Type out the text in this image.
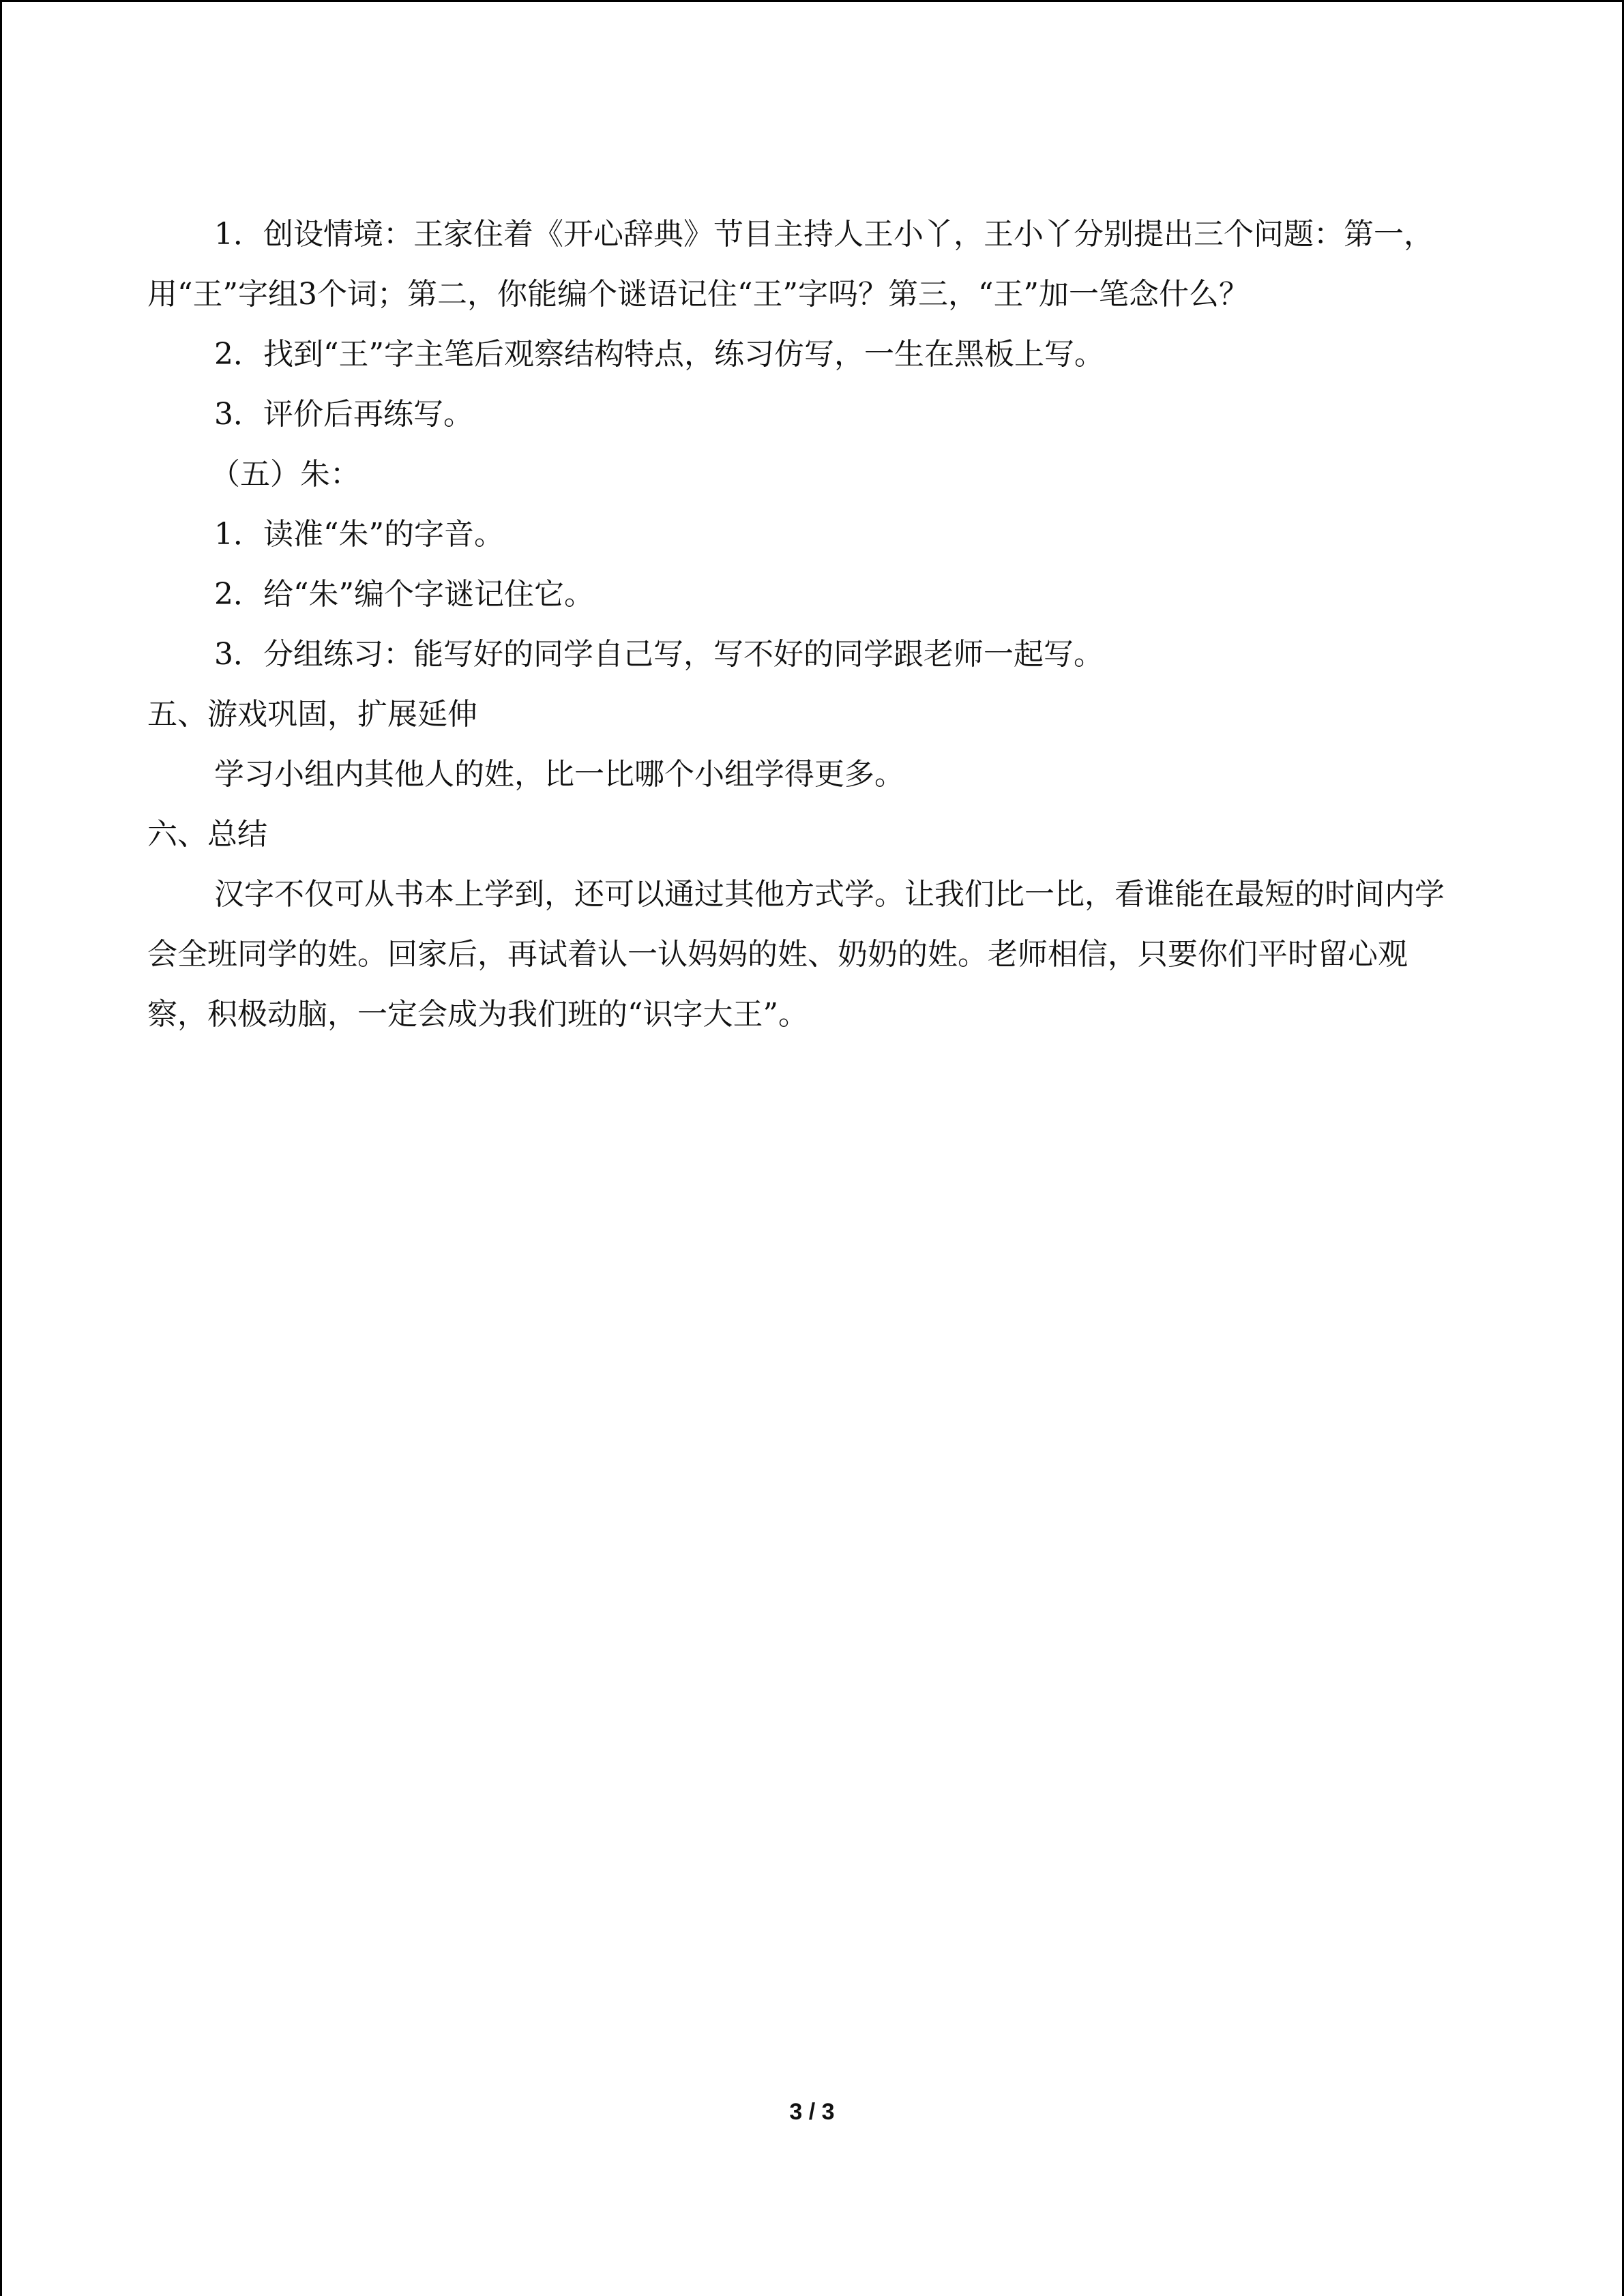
1．创设情境：王家住着《开心辞典》节目主持人王小丫，王小丫分别提出三个问题：第一，用“王”字组3个词；第二，你能编个谜语记住“王”字吗？第三，“王”加一笔念什么？

2．找到“王”字主笔后观察结构特点，练习仿写，一生在黑板上写。

3．评价后再练写。

（五）朱：

1．读准“朱”的字音。

2．给“朱”编个字谜记住它。

3．分组练习：能写好的同学自己写，写不好的同学跟老师一起写。

五、游戏巩固，扩展延伸

学习小组内其他人的姓，比一比哪个小组学得更多。

六、总结

汉字不仅可从书本上学到，还可以通过其他方式学。让我们比一比，看谁能在最短的时间内学会全班同学的姓。回家后，再试着认一认妈妈的姓、奶奶的姓。老师相信，只要你们平时留心观察，积极动脑，一定会成为我们班的“识字大王”。

3 / 3
